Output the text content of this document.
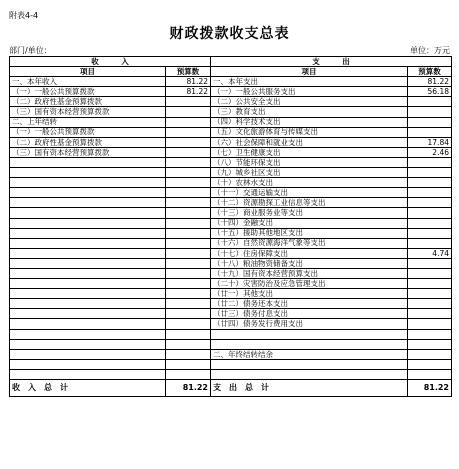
附表4-4
财政拨款收支总表
部门/单位：	单位：万元
收　　　入		支　　　出	
项目	预算数	项目	预算数
一、本年收入	81.22	一、本年支出	81.22
（一）一般公共预算拨款	81.22	（一）一般公共服务支出	56.18
（二）政府性基金预算拨款		（二）公共安全支出	
（三）国有资本经营预算拨款		（三）教育支出	
二、上年结转		（四）科学技术支出	
（一）一般公共预算拨款		（五）文化旅游体育与传媒支出	
（二）政府性基金预算拨款		（六）社会保障和就业支出	17.84
（三）国有资本经营预算拨款		（七）卫生健康支出	2.46
		（八）节能环保支出	
		（九）城乡社区支出	
		（十）农林水支出	
		（十一）交通运输支出	
		（十二）资源勘探工业信息等支出	
		（十三）商业服务业等支出	
		（十四）金融支出	
		（十五）援助其他地区支出	
		（十六）自然资源海洋气象等支出	
		（十七）住房保障支出	4.74
		（十八）粮油物资储备支出	
		（十九）国有资本经营预算支出	
		（二十）灾害防治及应急管理支出	
		（廿一）其他支出	
		（廿二）债务还本支出	
		（廿三）债务付息支出	
		（廿四）债务发行费用支出	

		二、年终结转结余	

收　入　总　计	81.22	支　出　总　计	81.22
